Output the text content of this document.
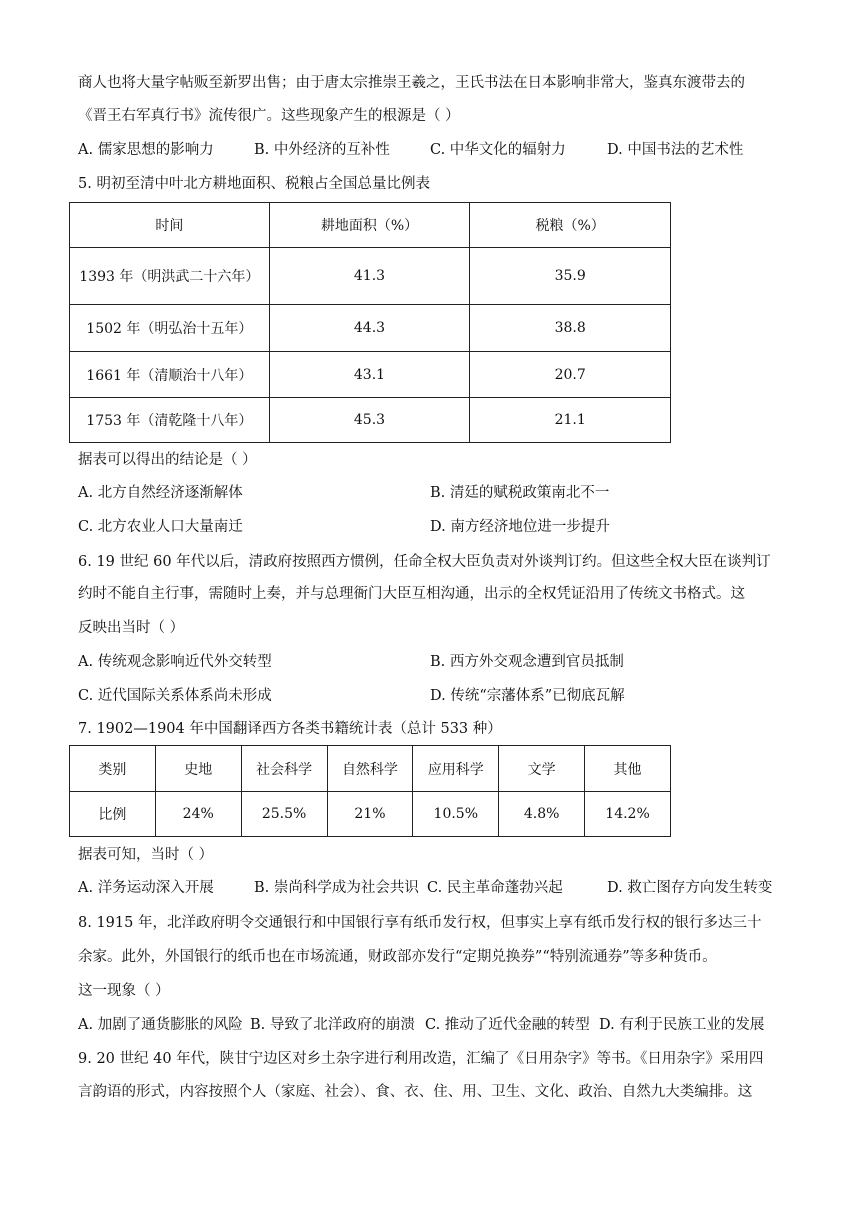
商人也将大量字帖贩至新罗出售；由于唐太宗推崇王羲之，王氏书法在日本影响非常大，鉴真东渡带去的
《晋王右军真行书》流传很广。这些现象产生的根源是（ ）
A. 儒家思想的影响力	B. 中外经济的互补性	C. 中华文化的辐射力	D. 中国书法的艺术性
5. 明初至清中叶北方耕地面积、税粮占全国总量比例表
时间	耕地面积（%）	税粮（%）
1393 年（明洪武二十六年）	41.3	35.9
1502 年（明弘治十五年）	44.3	38.8
1661 年（清顺治十八年）	43.1	20.7
1753 年（清乾隆十八年）	45.3	21.1
据表可以得出的结论是（ ）
A. 北方自然经济逐渐解体	B. 清廷的赋税政策南北不一
C. 北方农业人口大量南迁	D. 南方经济地位进一步提升
6. 19 世纪 60 年代以后，清政府按照西方惯例，任命全权大臣负责对外谈判订约。但这些全权大臣在谈判订
约时不能自主行事，需随时上奏，并与总理衙门大臣互相沟通，出示的全权凭证沿用了传统文书格式。这
反映出当时（ ）
A. 传统观念影响近代外交转型	B. 西方外交观念遭到官员抵制
C. 近代国际关系体系尚未形成	D. 传统“宗藩体系”已彻底瓦解
7. 1902—1904 年中国翻译西方各类书籍统计表（总计 533 种）
类别	史地	社会科学	自然科学	应用科学	文学	其他
比例	24%	25.5%	21%	10.5%	4.8%	14.2%
据表可知，当时（ ）
A. 洋务运动深入开展	B. 崇尚科学成为社会共识 C. 民主革命蓬勃兴起	D. 救亡图存方向发生转变
8. 1915 年，北洋政府明令交通银行和中国银行享有纸币发行权，但事实上享有纸币发行权的银行多达三十
余家。此外，外国银行的纸币也在市场流通，财政部亦发行“定期兑换券”“特别流通券”等多种货币。
这一现象（ ）
A. 加剧了通货膨胀的风险 B. 导致了北洋政府的崩溃 C. 推动了近代金融的转型 D. 有利于民族工业的发展
9. 20 世纪 40 年代，陕甘宁边区对乡土杂字进行利用改造，汇编了《日用杂字》等书。《日用杂字》采用四
言韵语的形式，内容按照个人（家庭、社会）、食、衣、住、用、卫生、文化、政治、自然九大类编排。这
